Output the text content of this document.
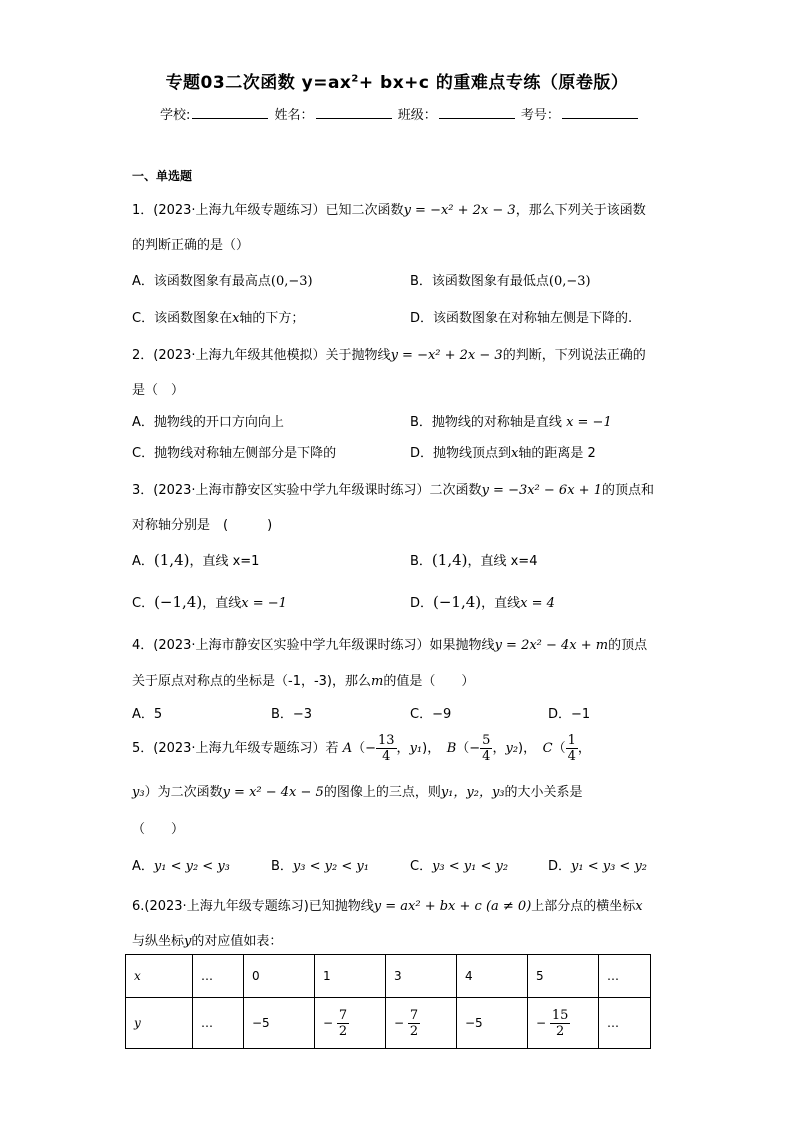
专题03二次函数 $y=ax^2+ bx+c$ 的重难点专练（原卷版）
学校:	姓名：	班级：	考号：
一、单选题
1．(2023·上海九年级专题练习）已知二次函数y = −x² + 2x − 3，那么下列关于该函数
的判断正确的是（）
A．该函数图象有最高点(0,−3)	B．该函数图象有最低点(0,−3)
C．该函数图象在x轴的下方；	D．该函数图象在对称轴左侧是下降的.
2．(2023·上海九年级其他模拟）关于抛物线y = −x² + 2x − 3的判断，下列说法正确的
是（　）
A．抛物线的开口方向向上	B．抛物线的对称轴是直线 x = −1
C．抛物线对称轴左侧部分是下降的	D．抛物线顶点到x轴的距离是 2
3．(2023·上海市静安区实验中学九年级课时练习）二次函数y = −3x² − 6x + 1的顶点和
对称轴分别是　(　　　)
A．(1,4)，直线 x=1	B．(1,4)，直线 x=4
C．(−1,4)，直线x = −1	D．(−1,4)，直线x = 4
4．(2023·上海市静安区实验中学九年级课时练习）如果抛物线y = 2x² − 4x + m的顶点
关于原点对称点的坐标是（-1，-3)，那么m的值是（　　）
A．5	B．−3	C．−9	D．−1
5．(2023·上海九年级专题练习）若 $A(- \frac{13}{4}$ ，y₁)，　$B(- \frac{5}{4}$ ，y₂)，　$C( \frac{1}{4}$ ，
y₃）为二次函数y = x² − 4x − 5的图像上的三点，则y₁，y₂，y₃的大小关系是
（　　）
A．y₁ < y₂ < y₃	B．y₃ < y₂ < y₁	C．y₃ < y₁ < y₂	D．y₁ < y₃ < y₂
6.(2023·上海九年级专题练习)已知抛物线y = ax² + bx + c (a ≠ 0)上部分点的横坐标x
与纵坐标y的对应值如表：
x	…	0	1	3	4	5	…
y	…	−5	− $\frac{7}{2}$	− $\frac{7}{2}$	−5	− $\frac{15}{2}$	…
